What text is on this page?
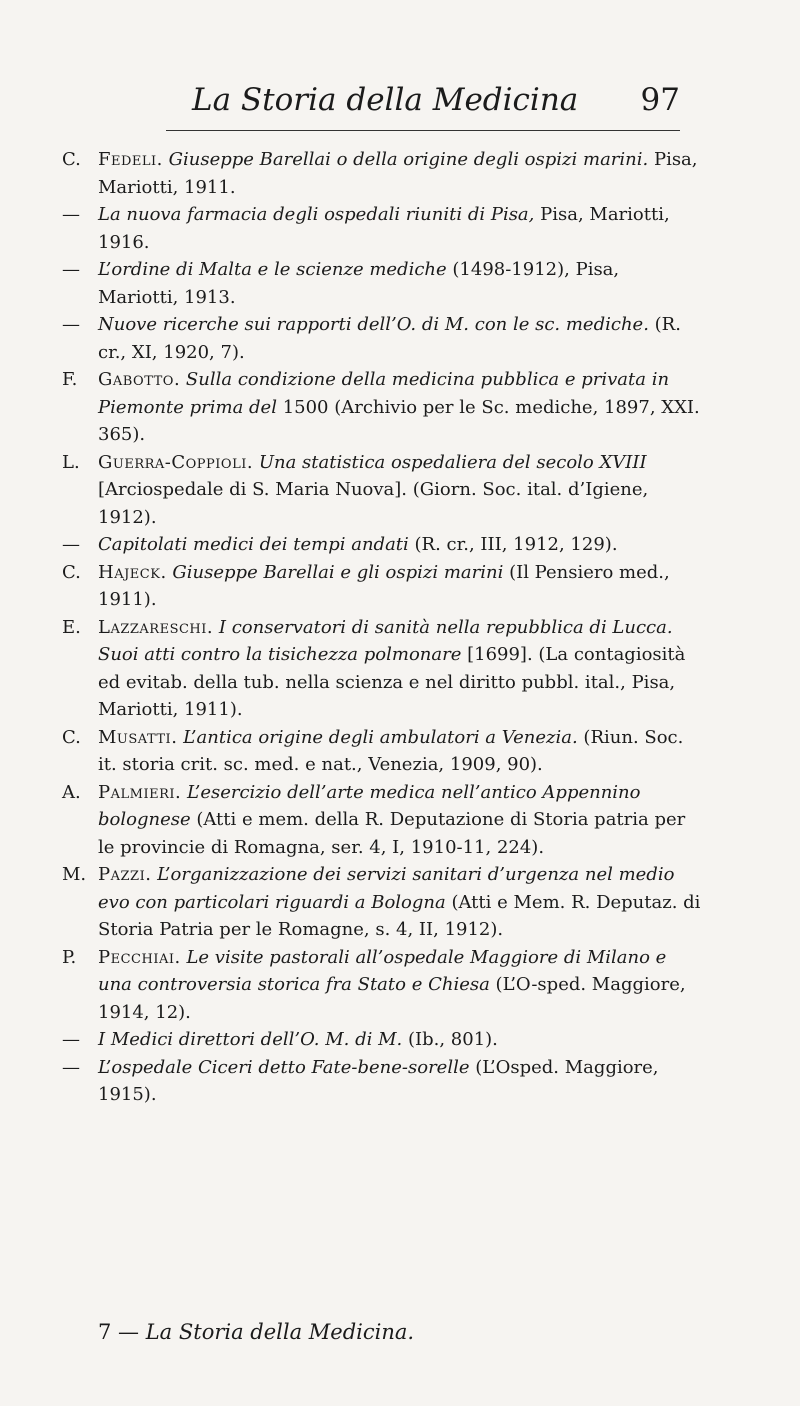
La Storia della Medicina 97
C. Fedeli. Giuseppe Barellai o della origine degli ospizi marini. Pisa, Mariotti, 1911.
— La nuova farmacia degli ospedali riuniti di Pisa, Pisa, Mariotti, 1916.
— L’ordine di Malta e le scienze mediche (1498-1912), Pisa, Mariotti, 1913.
— Nuove ricerche sui rapporti dell’O. di M. con le sc. mediche. (R. cr., XI, 1920, 7).
F. Gabotto. Sulla condizione della medicina pubblica e privata in Piemonte prima del 1500 (Archivio per le Sc. mediche, 1897, XXI. 365).
L. Guerra-Coppioli. Una statistica ospedaliera del secolo XVIII [Arciospedale di S. Maria Nuova]. (Giorn. Soc. ital. d’Igiene, 1912).
— Capitolati medici dei tempi andati (R. cr., III, 1912, 129).
C. Hajeck. Giuseppe Barellai e gli ospizi marini (Il Pensiero med., 1911).
E. Lazzareschi. I conservatori di sanità nella repubblica di Lucca. Suoi atti contro la tisichezza polmonare [1699]. (La contagiosità ed evitab. della tub. nella scienza e nel diritto pubbl. ital., Pisa, Mariotti, 1911).
C. Musatti. L’antica origine degli ambulatori a Venezia. (Riun. Soc. it. storia crit. sc. med. e nat., Venezia, 1909, 90).
A. Palmieri. L’esercizio dell’arte medica nell’antico Appennino bolognese (Atti e mem. della R. Deputazione di Storia patria per le provincie di Romagna, ser. 4, I, 1910-11, 224).
M. Pazzi. L’organizzazione dei servizi sanitari d’urgenza nel medio evo con particolari riguardi a Bologna (Atti e Mem. R. Deputaz. di Storia Patria per le Romagne, s. 4, II, 1912).
P. Pecchiai. Le visite pastorali all’ospedale Maggiore di Milano e una controversia storica fra Stato e Chiesa (L’O-sped. Maggiore, 1914, 12).
— I Medici direttori dell’O. M. di M. (Ib., 801).
— L’ospedale Ciceri detto Fate-bene-sorelle (L’Osped. Maggiore, 1915).
7 — La Storia della Medicina.
